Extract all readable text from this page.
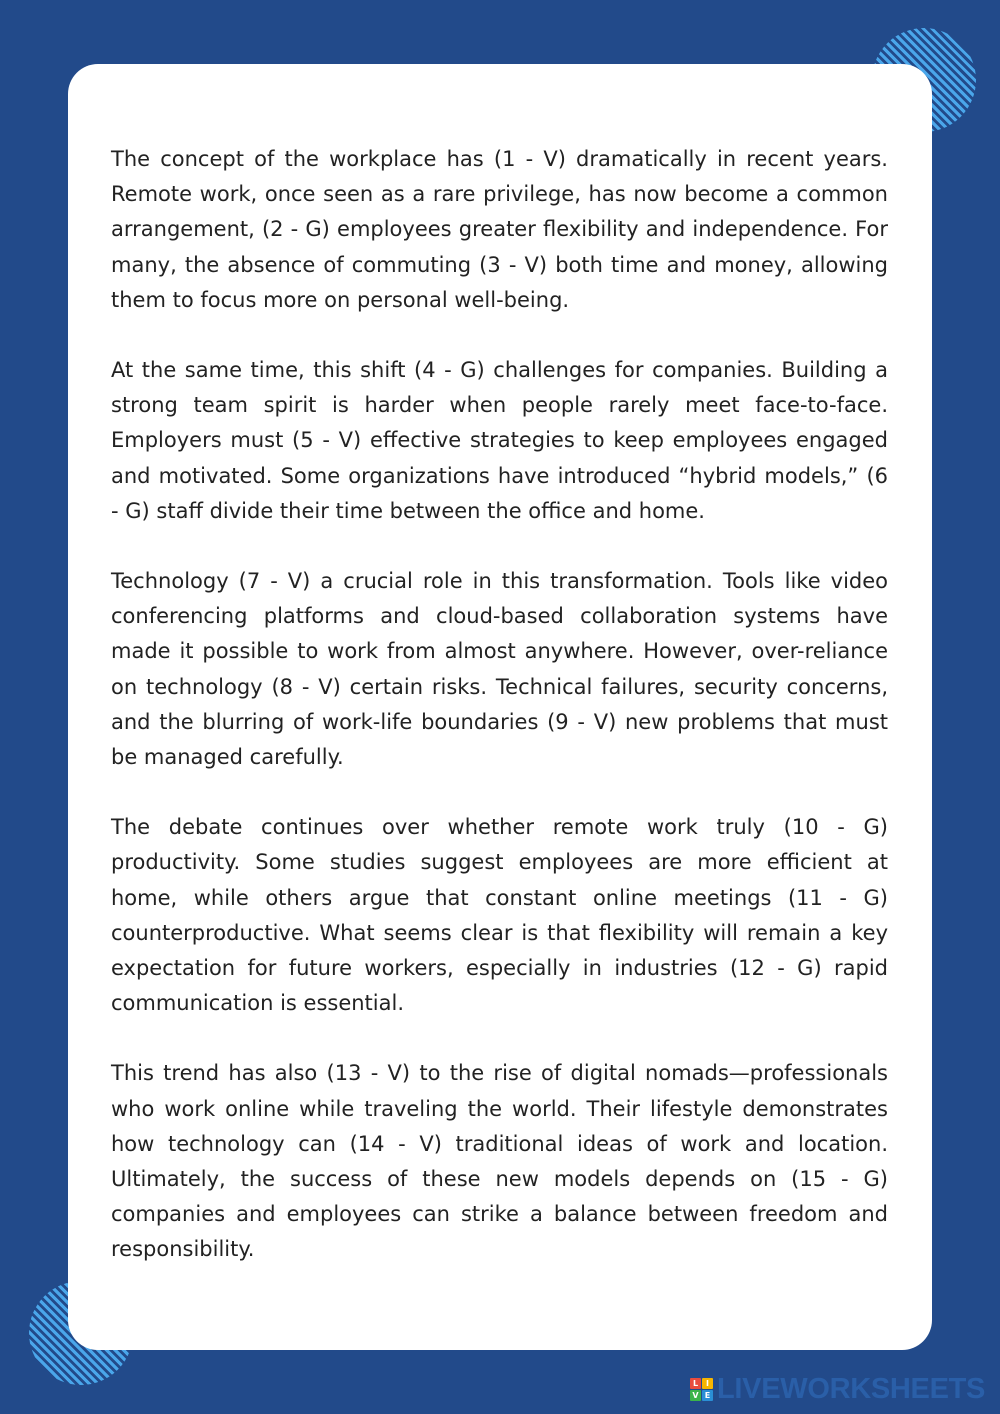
The concept of the workplace has (1 - V) dramatically in recent years. Remote work, once seen as a rare privilege, has now become a common arrangement, (2 - G) employees greater flexibility and independence. For many, the absence of commuting (3 - V) both time and money, allowing them to focus more on personal well-being.

At the same time, this shift (4 - G) challenges for companies. Building a strong team spirit is harder when people rarely meet face-to-face. Employers must (5 - V) effective strategies to keep employees engaged and motivated. Some organizations have introduced “hybrid models,” (6 - G) staff divide their time between the office and home.

Technology (7 - V) a crucial role in this transformation. Tools like video conferencing platforms and cloud-based collaboration systems have made it possible to work from almost anywhere. However, over-reliance on technology (8 - V) certain risks. Technical failures, security concerns, and the blurring of work-life boundaries (9 - V) new problems that must be managed carefully.

The debate continues over whether remote work truly (10 - G) productivity. Some studies suggest employees are more efficient at home, while others argue that constant online meetings (11 - G) counterproductive. What seems clear is that flexibility will remain a key expectation for future workers, especially in industries (12 - G) rapid communication is essential.

This trend has also (13 - V) to the rise of digital nomads—professionals who work online while traveling the world. Their lifestyle demonstrates how technology can (14 - V) traditional ideas of work and location. Ultimately, the success of these new models depends on (15 - G) companies and employees can strike a balance between freedom and responsibility.

L I
V E LIVEWORKSHEETS
